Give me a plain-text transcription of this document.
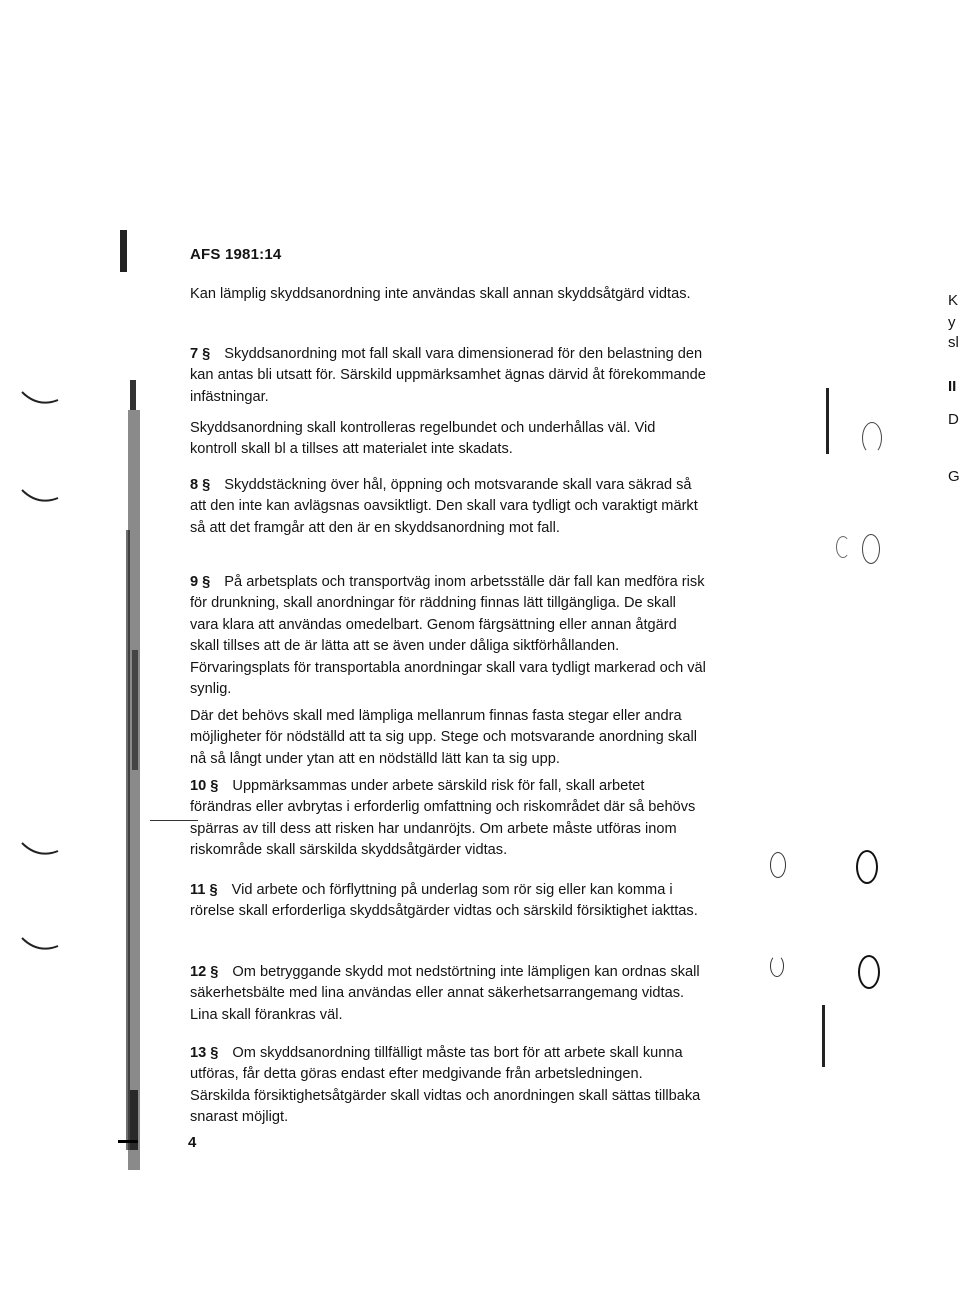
AFS 1981:14

Kan lämplig skyddsanordning inte användas skall annan skyddsåtgärd vidtas.

7 § Skyddsanordning mot fall skall vara dimensionerad för den belastning den kan antas bli utsatt för. Särskild uppmärksamhet ägnas därvid åt förekommande infästningar.

Skyddsanordning skall kontrolleras regelbundet och underhållas väl. Vid kontroll skall bl a tillses att materialet inte skadats.

8 § Skyddstäckning över hål, öppning och motsvarande skall vara säkrad så att den inte kan avlägsnas oavsiktligt. Den skall vara tydligt och varaktigt märkt så att det framgår att den är en skyddsanordning mot fall.

9 § På arbetsplats och transportväg inom arbetsställe där fall kan medföra risk för drunkning, skall anordningar för räddning finnas lätt tillgängliga. De skall vara klara att användas omedelbart. Genom färgsättning eller annan åtgärd skall tillses att de är lätta att se även under dåliga siktförhållanden. Förvaringsplats för transportabla anordningar skall vara tydligt markerad och väl synlig.

Där det behövs skall med lämpliga mellanrum finnas fasta stegar eller andra möjligheter för nödställd att ta sig upp. Stege och motsvarande anordning skall nå så långt under ytan att en nödställd lätt kan ta sig upp.

10 § Uppmärksammas under arbete särskild risk för fall, skall arbetet förändras eller avbrytas i erforderlig omfattning och riskområdet där så behövs spärras av till dess att risken har undanröjts. Om arbete måste utföras inom riskområde skall särskilda skyddsåtgärder vidtas.

11 § Vid arbete och förflyttning på underlag som rör sig eller kan komma i rörelse skall erforderliga skyddsåtgärder vidtas och särskild försiktighet iakttas.

12 § Om betryggande skydd mot nedstörtning inte lämpligen kan ordnas skall säkerhetsbälte med lina användas eller annat säkerhetsarrangemang vidtas. Lina skall förankras väl.

13 § Om skyddsanordning tillfälligt måste tas bort för att arbete skall kunna utföras, får detta göras endast efter medgivande från arbetsledningen. Särskilda försiktighetsåtgärder skall vidtas och anordningen skall sättas tillbaka snarast möjligt.

4
K
y
sl
II
D
G
